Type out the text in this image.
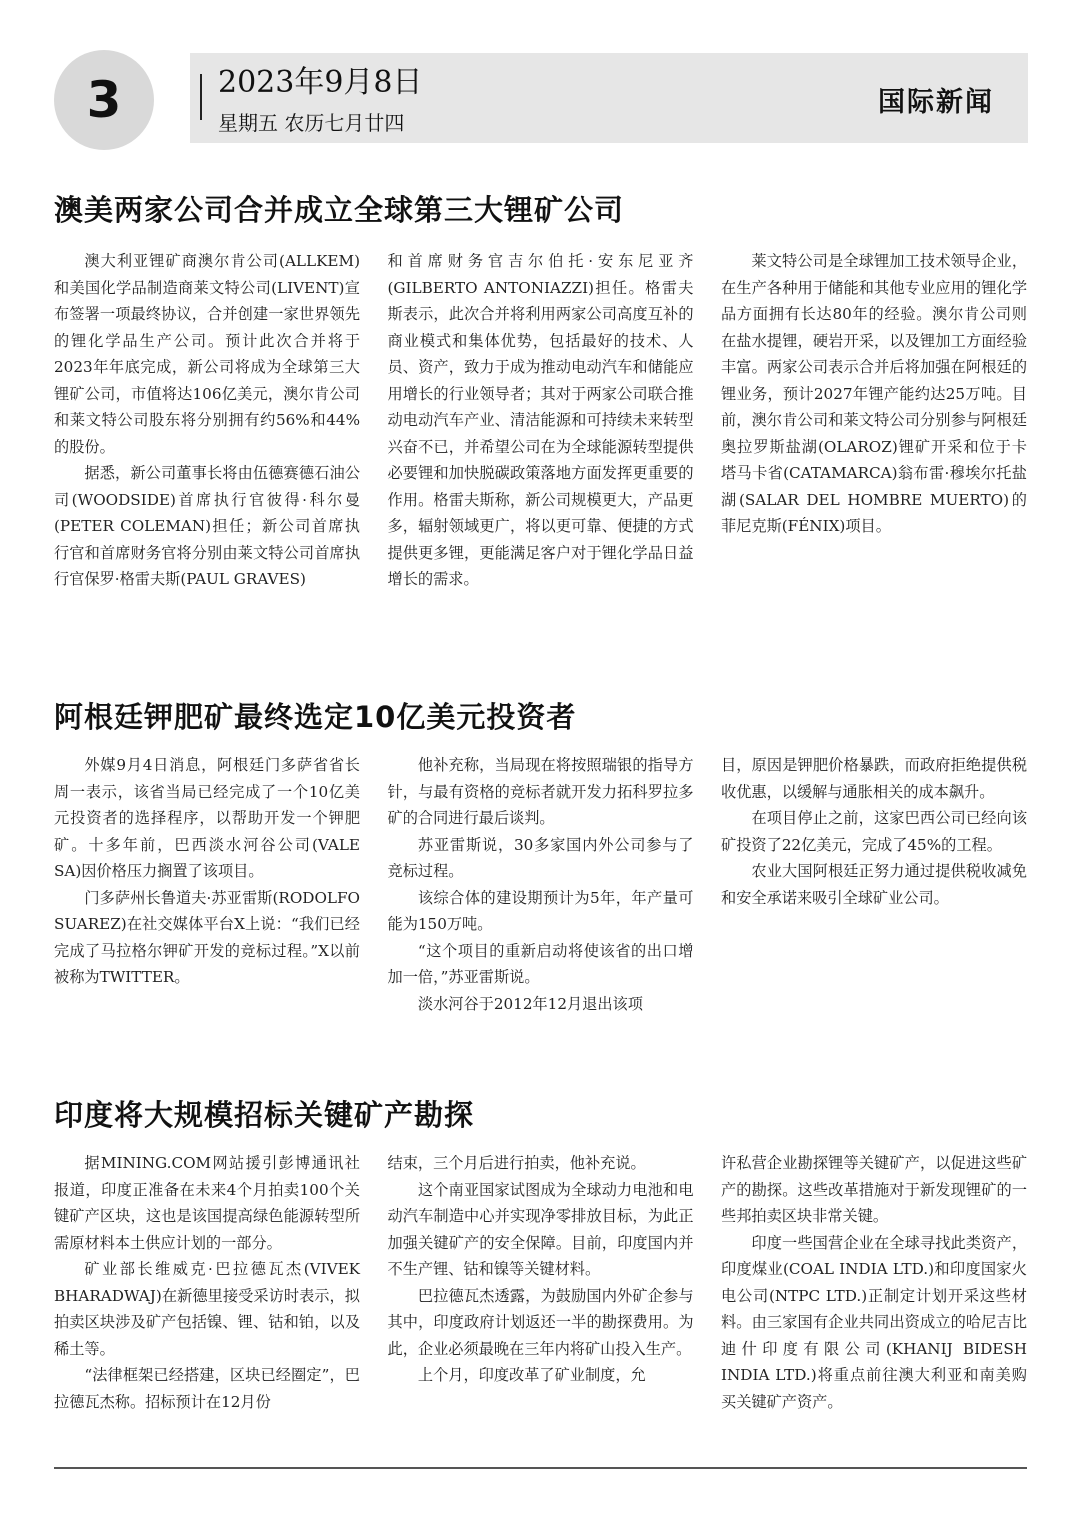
3	2023年9月8日
星期五 农历七月廿四
国际新闻
澳美两家公司合并成立全球第三大锂矿公司

澳大利亚锂矿商澳尔肯公司(ALLKEM)和美国化学品制造商莱文特公司(LIVENT)宣布签署一项最终协议，合并创建一家世界领先的锂化学品生产公司。预计此次合并将于2023年年底完成，新公司将成为全球第三大锂矿公司，市值将达106亿美元，澳尔肯公司和莱文特公司股东将分别拥有约56%和44%的股份。

据悉，新公司董事长将由伍德赛德石油公司(WOODSIDE)首席执行官彼得·科尔曼(PETER COLEMAN)担任；新公司首席执行官和首席财务官将分别由莱文特公司首席执行官保罗·格雷夫斯(PAUL GRAVES)

和首席财务官吉尔伯托·安东尼亚齐(GILBERTO ANTONIAZZI)担任。格雷夫斯表示，此次合并将利用两家公司高度互补的商业模式和集体优势，包括最好的技术、人员、资产，致力于成为推动电动汽车和储能应用增长的行业领导者；其对于两家公司联合推动电动汽车产业、清洁能源和可持续未来转型兴奋不已，并希望公司在为全球能源转型提供必要锂和加快脱碳政策落地方面发挥更重要的作用。格雷夫斯称，新公司规模更大，产品更多，辐射领域更广，将以更可靠、便捷的方式提供更多锂，更能满足客户对于锂化学品日益增长的需求。

莱文特公司是全球锂加工技术领导企业，在生产各种用于储能和其他专业应用的锂化学品方面拥有长达80年的经验。澳尔肯公司则在盐水提锂，硬岩开采，以及锂加工方面经验丰富。两家公司表示合并后将加强在阿根廷的锂业务，预计2027年锂产能约达25万吨。目前，澳尔肯公司和莱文特公司分别参与阿根廷奥拉罗斯盐湖(OLAROZ)锂矿开采和位于卡塔马卡省(CATAMARCA)翁布雷·穆埃尔托盐湖(SALAR DEL HOMBRE MUERTO)的菲尼克斯(FÉNIX)项目。

阿根廷钾肥矿最终选定10亿美元投资者

外媒9月4日消息，阿根廷门多萨省省长周一表示，该省当局已经完成了一个10亿美元投资者的选择程序，以帮助开发一个钾肥矿。十多年前，巴西淡水河谷公司(VALE SA)因价格压力搁置了该项目。

门多萨州长鲁道夫·苏亚雷斯(RODOLFO SUAREZ)在社交媒体平台X上说：“我们已经完成了马拉格尔钾矿开发的竞标过程。”X以前被称为TWITTER。

他补充称，当局现在将按照瑞银的指导方针，与最有资格的竞标者就开发力拓科罗拉多矿的合同进行最后谈判。

苏亚雷斯说，30多家国内外公司参与了竞标过程。

该综合体的建设期预计为5年，年产量可能为150万吨。

“这个项目的重新启动将使该省的出口增加一倍，”苏亚雷斯说。

淡水河谷于2012年12月退出该项

目，原因是钾肥价格暴跌，而政府拒绝提供税收优惠，以缓解与通胀相关的成本飙升。

在项目停止之前，这家巴西公司已经向该矿投资了22亿美元，完成了45%的工程。

农业大国阿根廷正努力通过提供税收减免和安全承诺来吸引全球矿业公司。

印度将大规模招标关键矿产勘探

据MINING.COM网站援引彭博通讯社报道，印度正准备在未来4个月拍卖100个关键矿产区块，这也是该国提高绿色能源转型所需原材料本土供应计划的一部分。

矿业部长维威克·巴拉德瓦杰(VIVEK BHARADWAJ)在新德里接受采访时表示，拟拍卖区块涉及矿产包括镍、锂、钴和铂，以及稀土等。

“法律框架已经搭建，区块已经圈定”，巴拉德瓦杰称。招标预计在12月份

结束，三个月后进行拍卖，他补充说。

这个南亚国家试图成为全球动力电池和电动汽车制造中心并实现净零排放目标，为此正加强关键矿产的安全保障。目前，印度国内并不生产锂、钴和镍等关键材料。

巴拉德瓦杰透露，为鼓励国内外矿企参与其中，印度政府计划返还一半的勘探费用。为此，企业必须最晚在三年内将矿山投入生产。

上个月，印度改革了矿业制度，允

许私营企业勘探锂等关键矿产，以促进这些矿产的勘探。这些改革措施对于新发现锂矿的一些邦拍卖区块非常关键。

印度一些国营企业在全球寻找此类资产，印度煤业(COAL INDIA LTD.)和印度国家火电公司(NTPC LTD.)正制定计划开采这些材料。由三家国有企业共同出资成立的哈尼吉比迪什印度有限公司(KHANIJ BIDESH INDIA LTD.)将重点前往澳大利亚和南美购买关键矿产资产。
